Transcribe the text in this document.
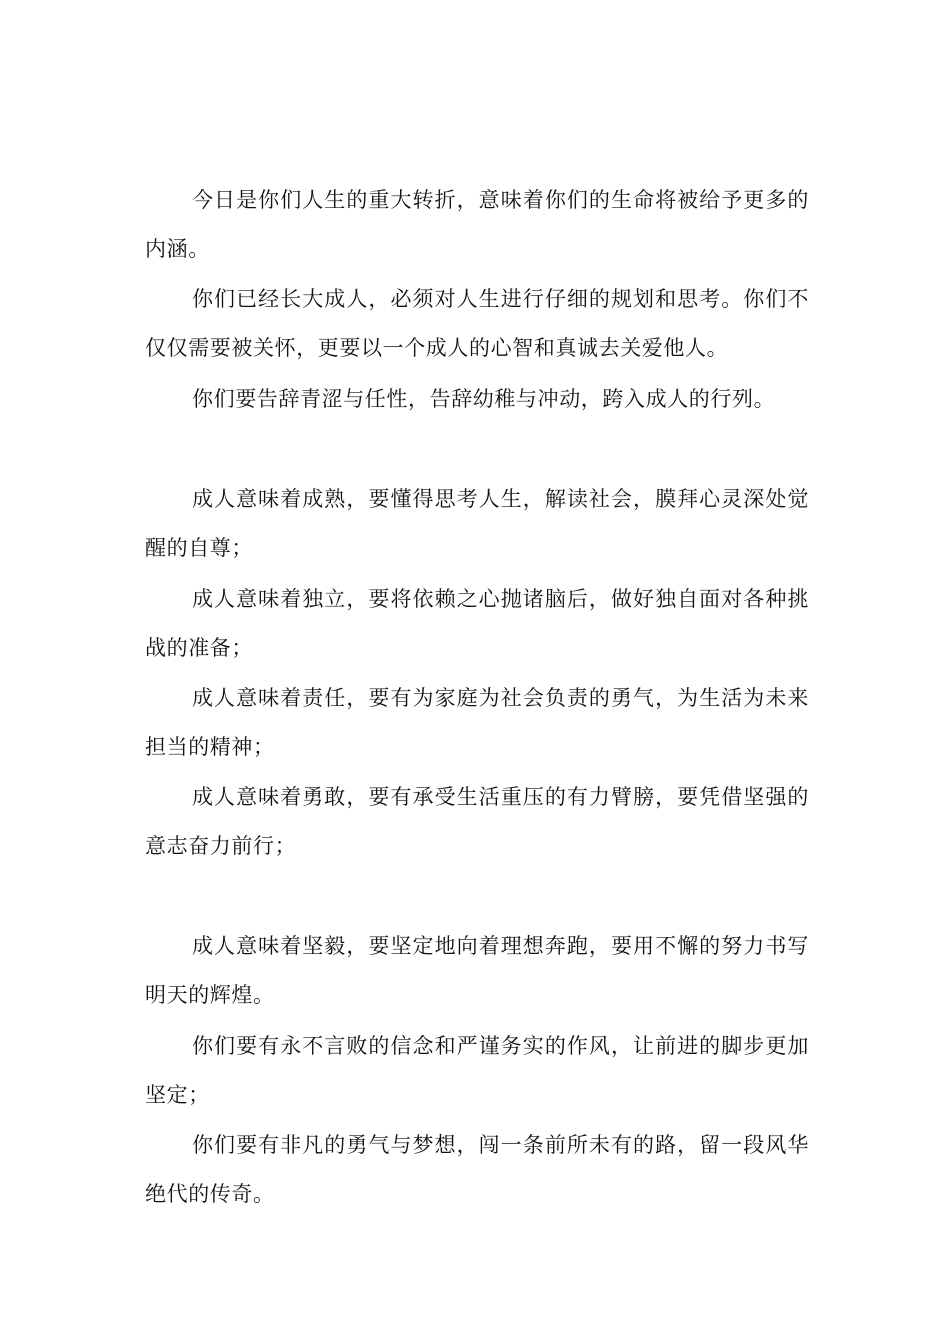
今日是你们人生的重大转折，意味着你们的生命将被给予更多的内涵。

你们已经长大成人，必须对人生进行仔细的规划和思考。你们不仅仅需要被关怀，更要以一个成人的心智和真诚去关爱他人。

你们要告辞青涩与任性，告辞幼稚与冲动，跨入成人的行列。

成人意味着成熟，要懂得思考人生，解读社会，膜拜心灵深处觉醒的自尊；

成人意味着独立，要将依赖之心抛诸脑后，做好独自面对各种挑战的准备；

成人意味着责任，要有为家庭为社会负责的勇气，为生活为未来担当的精神；

成人意味着勇敢，要有承受生活重压的有力臂膀，要凭借坚强的意志奋力前行；

成人意味着坚毅，要坚定地向着理想奔跑，要用不懈的努力书写明天的辉煌。

你们要有永不言败的信念和严谨务实的作风，让前进的脚步更加坚定；

你们要有非凡的勇气与梦想，闯一条前所未有的路，留一段风华绝代的传奇。
